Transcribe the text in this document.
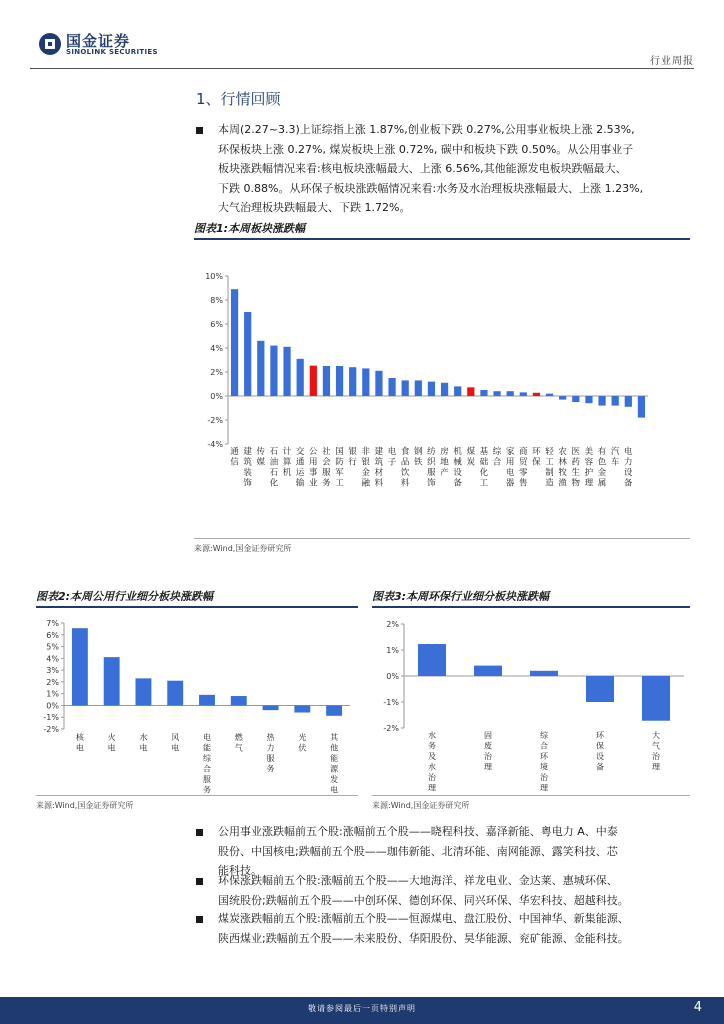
国金证券
SINOLINK SECURITIES
行业周报
1、行情回顾
本周(2.27~3.3)上证综指上涨 1.87%,创业板下跌 0.27%,公用事业板块上涨 2.53%,
环保板块上涨 0.27%, 煤炭板块上涨 0.72%, 碳中和板块下跌 0.50%。从公用事业子
板块涨跌幅情况来看:核电板块涨幅最大、上涨 6.56%,其他能源发电板块跌幅最大、
下跌 0.88%。从环保子板块涨跌幅情况来看:水务及水治理板块涨幅最大、上涨 1.23%,
大气治理板块跌幅最大、下跌 1.72%。
图表1:本周板块涨跌幅
10%
8%
6%
4%
2%
0%
-2%
-4%
通信
建筑装饰
传媒
石油石化
计算机
交通运输
公用事业
社会服务
国防军工
银行
非银金融
建筑材料
电子
食品饮料
钢铁
纺织服饰
房地产
机械设备
煤炭
基础化工
综合
家用电器
商贸零售
环保
轻工制造
农林牧渔
医药生物
美容护理
有色金属
汽车
电力设备
来源:Wind,国金证券研究所
图表2:本周公用行业细分板块涨跌幅
7%
6%
5%
4%
3%
2%
1%
0%
-1%
-2%
核电
火电
水电
风电
电能综合服务
燃气
热力服务
光伏
其他能源发电
来源:Wind,国金证券研究所
图表3:本周环保行业细分板块涨跌幅
2%
1%
0%
-1%
-2%
水务及水治理
固废治理
综合环境治理
环保设备
大气治理
来源:Wind,国金证券研究所
公用事业涨跌幅前五个股:涨幅前五个股——晓程科技、嘉泽新能、粤电力 A、中泰
股份、中国核电;跌幅前五个股——珈伟新能、北清环能、南网能源、露笑科技、芯
能科技。
环保涨跌幅前五个股:涨幅前五个股——大地海洋、祥龙电业、金达莱、惠城环保、
国统股份;跌幅前五个股——中创环保、德创环保、同兴环保、华宏科技、超越科技。
煤炭涨跌幅前五个股:涨幅前五个股——恒源煤电、盘江股份、中国神华、新集能源、
陕西煤业;跌幅前五个股——未来股份、华阳股份、昊华能源、兖矿能源、金能科技。
敬请参阅最后一页特别声明	4
